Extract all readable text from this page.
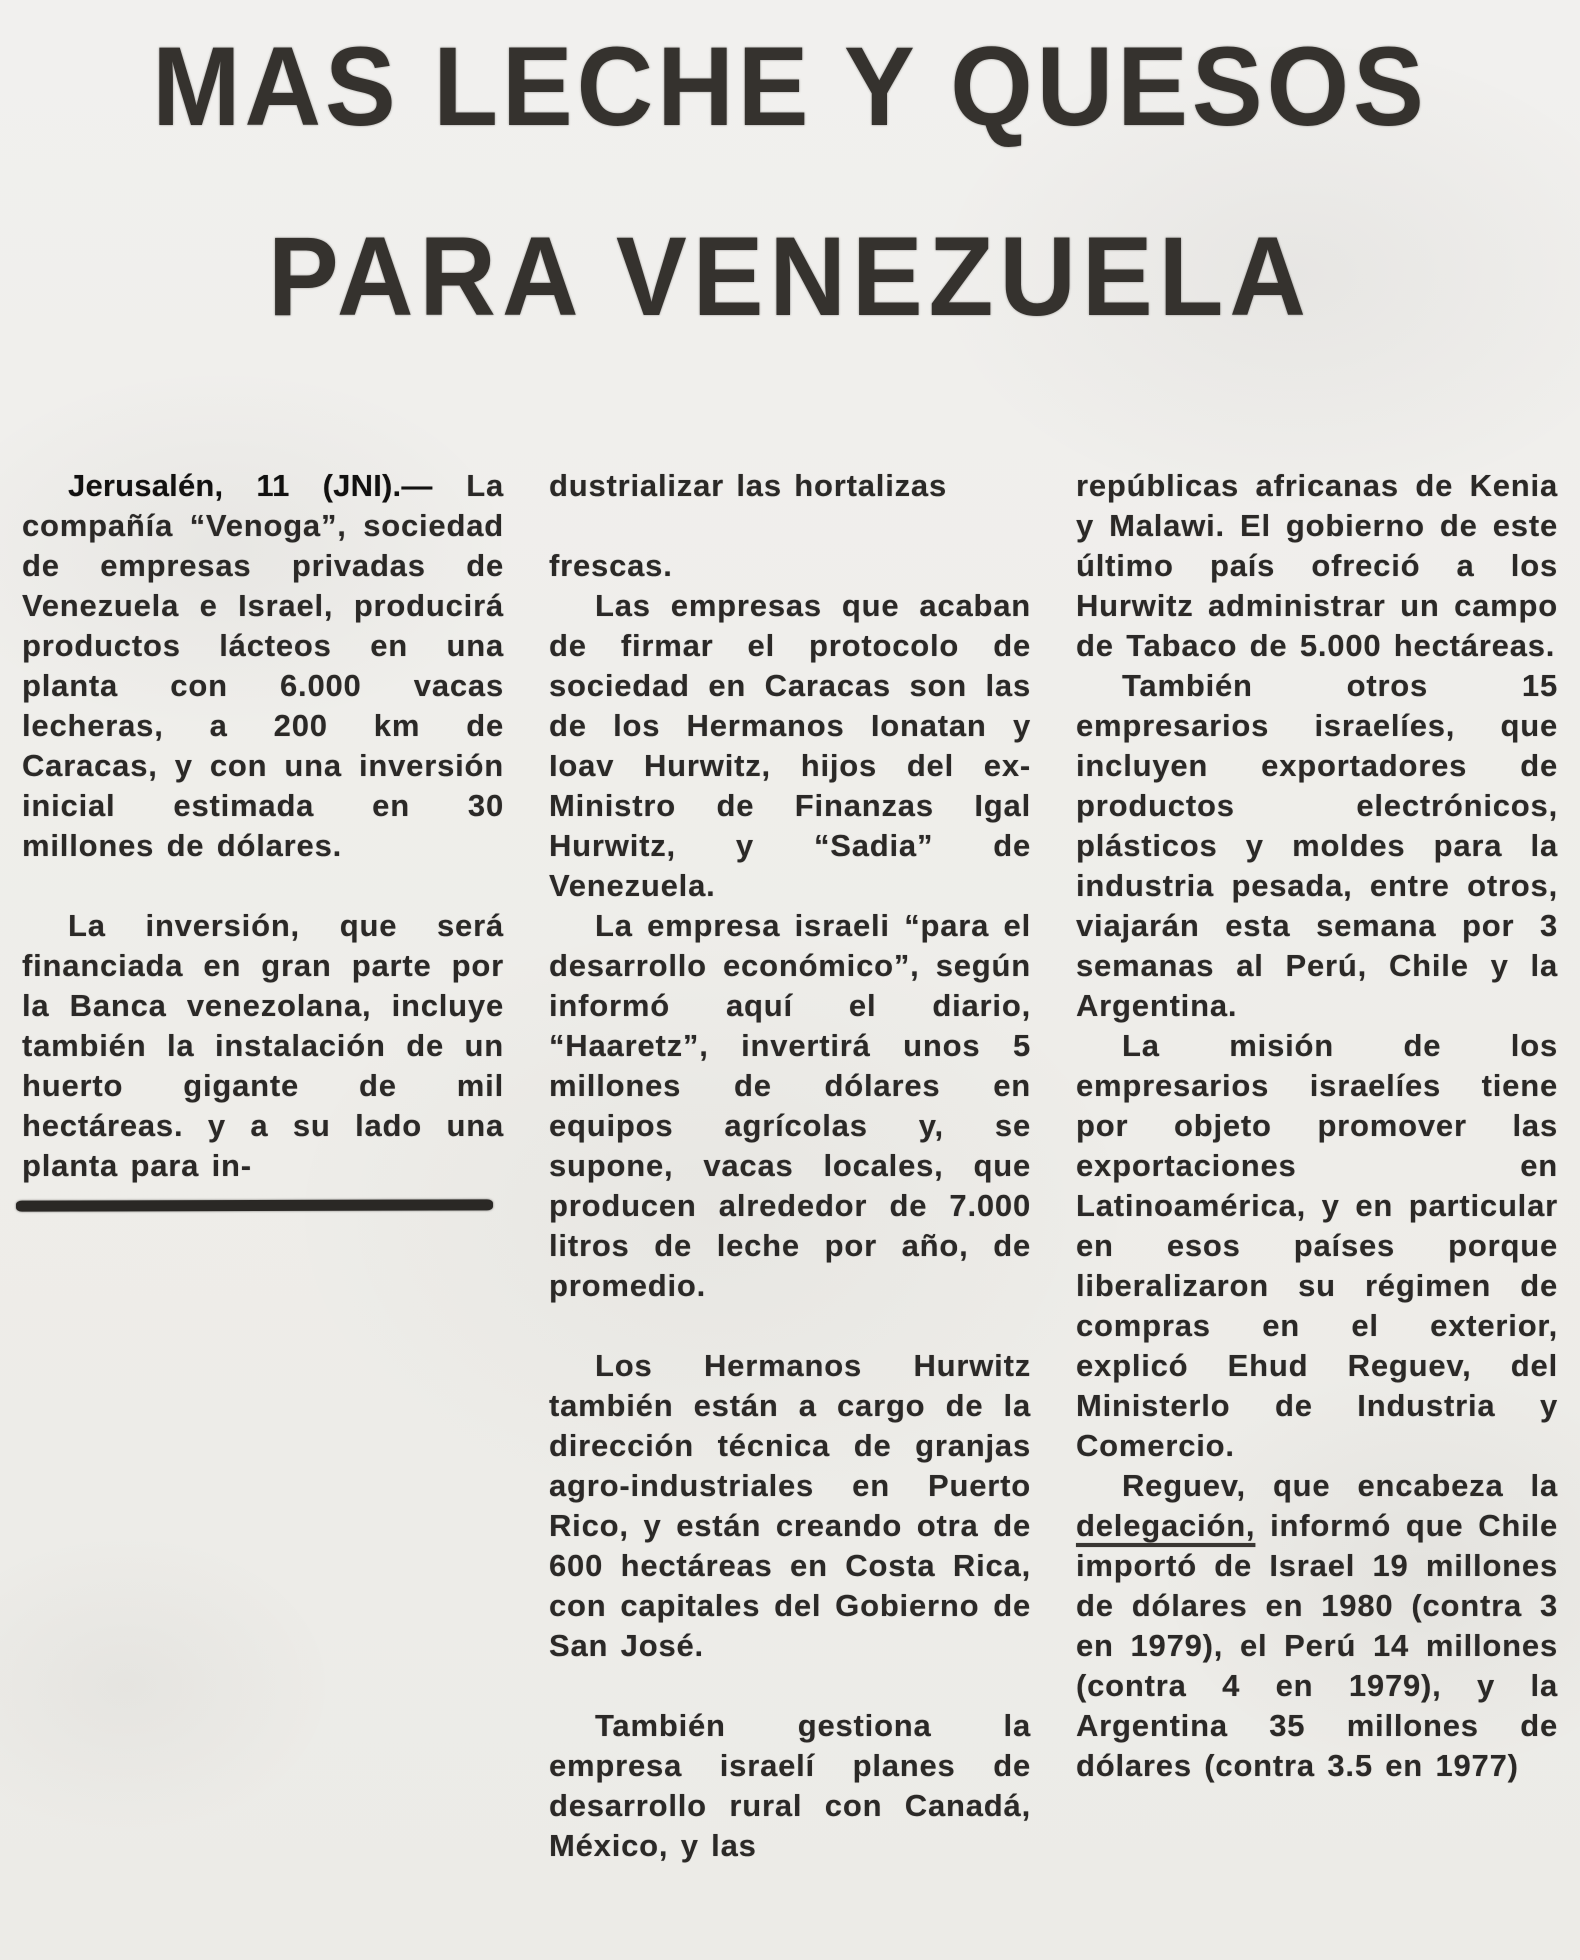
MAS LECHE Y QUESOS
PARA VENEZUELA

Jerusalén, 11 (JNI).— La compañía “Venoga”, sociedad de empresas privadas de Venezuela e Israel, producirá productos lácteos en una planta con 6.000 vacas lecheras, a 200 km de Caracas, y con una inversión inicial estimada en 30 millones de dólares.

La inversión, que será financiada en gran parte por la Banca venezolana, incluye también la instalación de un huerto gigante de mil hectáreas. y a su lado una planta para in-

dustrializar las hortalizas

frescas.

Las empresas que acaban de firmar el protocolo de sociedad en Caracas son las de los Hermanos Ionatan y Ioav Hurwitz, hijos del ex-Ministro de Finanzas Igal Hurwitz, y “Sadia” de Venezuela.

La empresa israeli “para el desarrollo económico”, según informó aquí el diario, “Haaretz”, invertirá unos 5 millones de dólares en equipos agrícolas y, se supone, vacas locales, que producen alrededor de 7.000 litros de leche por año, de promedio.

Los Hermanos Hurwitz también están a cargo de la dirección técnica de granjas agro-industriales en Puerto Rico, y están creando otra de 600 hectáreas en Costa Rica, con capitales del Gobierno de San José.

También gestiona la empresa israelí planes de desarrollo rural con Canadá, México, y las

repúblicas africanas de Kenia y Malawi. El gobierno de este último país ofreció a los Hurwitz administrar un campo de Tabaco de 5.000 hectáreas.

También otros 15 empresarios israelíes, que incluyen exportadores de productos electrónicos, plásticos y moldes para la industria pesada, entre otros, viajarán esta semana por 3 semanas al Perú, Chile y la Argentina.

La misión de los empresarios israelíes tiene por objeto promover las exportaciones en Latinoamérica, y en particular en esos países porque liberalizaron su régimen de compras en el exterior, explicó Ehud Reguev, del Ministerlo de Industria y Comercio.

Reguev, que encabeza la delegación, informó que Chile importó de Israel 19 millones de dólares en 1980 (contra 3 en 1979), el Perú 14 millones (contra 4 en 1979), y la Argentina 35 millones de dólares (contra 3.5 en 1977)
